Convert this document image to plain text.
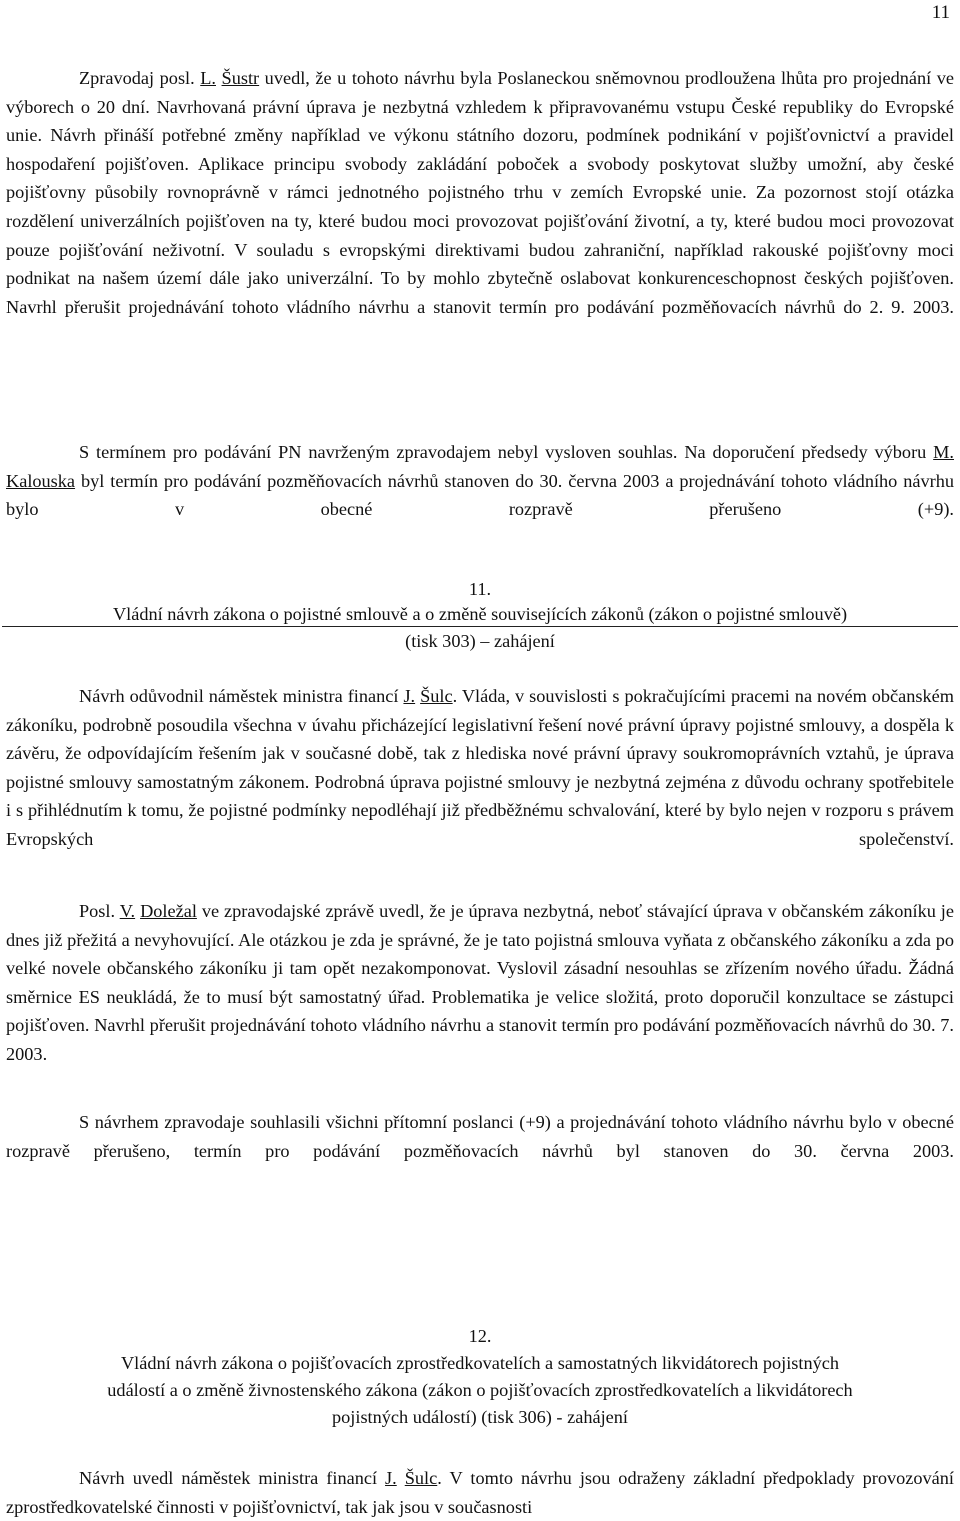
11

Zpravodaj posl. L. Šustr uvedl, že u tohoto návrhu byla Poslaneckou sněmovnou prodloužena lhůta pro projednání ve výborech o 20 dní. Navrhovaná právní úprava je nezbytná vzhledem k připravovanému vstupu České republiky do Evropské unie. Návrh přináší potřebné změny například ve výkonu státního dozoru, podmínek podnikání v pojišťovnictví a pravidel hospodaření pojišťoven. Aplikace principu svobody zakládání poboček a svobody poskytovat služby umožní, aby české pojišťovny působily rovnoprávně v rámci jednotného pojistného trhu v zemích Evropské unie. Za pozornost stojí otázka rozdělení univerzálních pojišťoven na ty, které budou moci provozovat pojišťování životní, a ty, které budou moci provozovat pouze pojišťování neživotní. V souladu s evropskými direktivami budou zahraniční, například rakouské pojišťovny moci podnikat na našem území dále jako univerzální. To by mohlo zbytečně oslabovat konkurenceschopnost českých pojišťoven. Navrhl přerušit projednávání tohoto vládního návrhu a stanovit termín pro podávání pozměňovacích návrhů do 2. 9. 2003.

S termínem pro podávání PN navrženým zpravodajem nebyl vysloven souhlas. Na doporučení předsedy výboru M. Kalouska byl termín pro podávání pozměňovacích návrhů stanoven do 30. června 2003 a projednávání tohoto vládního návrhu bylo v obecné rozpravě přerušeno (+9).

11.
Vládní návrh zákona o pojistné smlouvě a o změně souvisejících zákonů (zákon o pojistné smlouvě)
(tisk 303) – zahájení

Návrh odůvodnil náměstek ministra financí J. Šulc. Vláda, v souvislosti s pokračujícími pracemi na novém občanském zákoníku, podrobně posoudila všechna v úvahu přicházející legislativní řešení nové právní úpravy pojistné smlouvy, a dospěla k závěru, že odpovídajícím řešením jak v současné době, tak z hlediska nové právní úpravy soukromoprávních vztahů, je úprava pojistné smlouvy samostatným zákonem. Podrobná úprava pojistné smlouvy je nezbytná zejména z důvodu ochrany spotřebitele i s přihlédnutím k tomu, že pojistné podmínky nepodléhají již předběžnému schvalování, které by bylo nejen v rozporu s právem Evropských společenství.

Posl. V. Doležal ve zpravodajské zprávě uvedl, že je úprava nezbytná, neboť stávající úprava v občanském zákoníku je dnes již přežitá a nevyhovující. Ale otázkou je zda je správné, že je tato pojistná smlouva vyňata z občanského zákoníku a zda po velké novele občanského zákoníku ji tam opět nezakomponovat. Vyslovil zásadní nesouhlas se zřízením nového úřadu. Žádná směrnice ES neukládá, že to musí být samostatný úřad. Problematika je velice složitá, proto doporučil konzultace se zástupci pojišťoven. Navrhl přerušit projednávání tohoto vládního návrhu a stanovit termín pro podávání pozměňovacích návrhů do 30. 7. 2003.

S návrhem zpravodaje souhlasili všichni přítomní poslanci (+9) a projednávání tohoto vládního návrhu bylo v obecné rozpravě přerušeno, termín pro podávání pozměňovacích návrhů byl stanoven do 30. června 2003.

12.
Vládní návrh zákona o pojišťovacích zprostředkovatelích a samostatných likvidátorech pojistných
událostí a o změně živnostenského zákona (zákon o pojišťovacích zprostředkovatelích a likvidátorech
pojistných událostí) (tisk 306) - zahájení

Návrh uvedl náměstek ministra financí J. Šulc. V tomto návrhu jsou odraženy základní předpoklady provozování zprostředkovatelské činnosti v pojišťovnictví, tak jak jsou v současnosti
